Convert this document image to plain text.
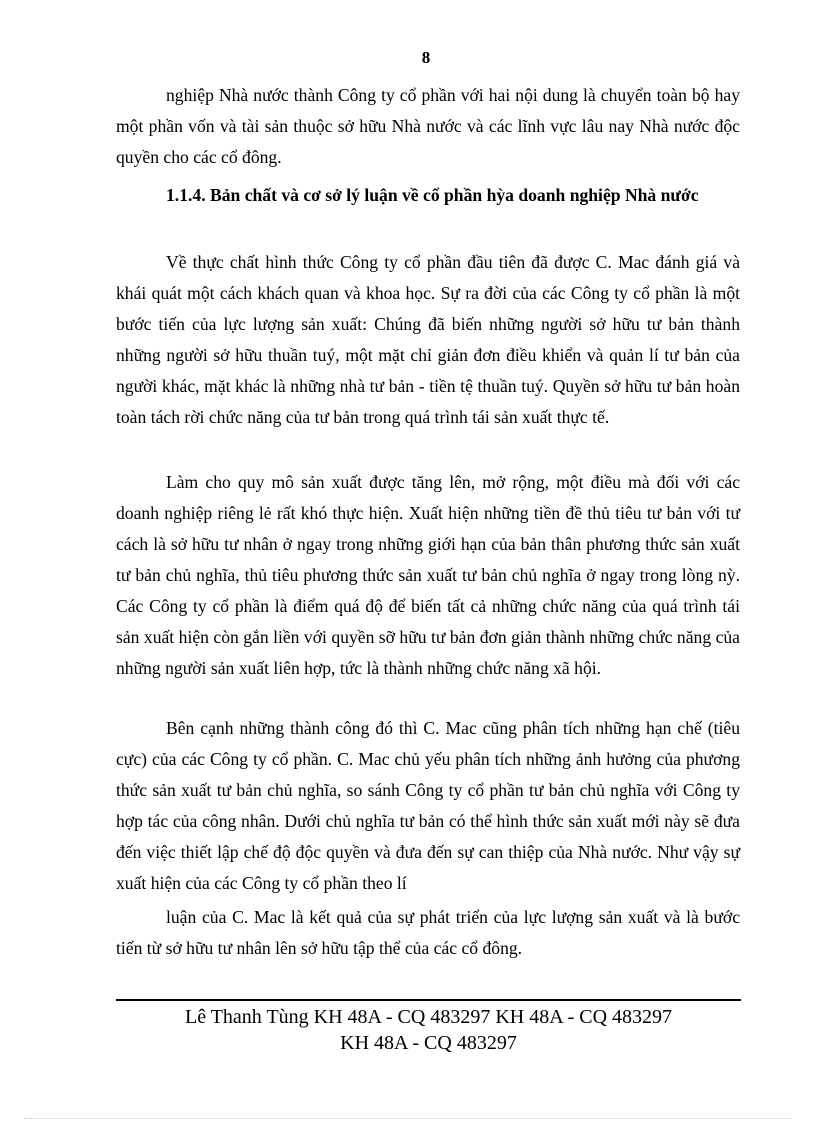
8

nghiệp Nhà nước thành Công ty cổ phần với hai nội dung là chuyển toàn bộ hay một phần vốn và tài sản thuộc sở hữu Nhà nước và các lĩnh vực lâu nay Nhà nước độc quyền cho các cổ đông.

1.1.4. Bản chất và cơ sở lý luận về cổ phần hỳa doanh nghiệp Nhà nước

Về thực chất hình thức Công ty cổ phần đầu tiên đã được C. Mac đánh giá và khái quát một cách khách quan và khoa học. Sự ra đời của các Công ty cổ phần là một bước tiến của lực lượng sản xuất: Chúng đã biến những người sở hữu tư bản thành những người sở hữu thuần tuý, một mặt chỉ giản đơn điều khiển và quản lí tư bản của người khác, mặt khác là những nhà tư bản - tiền tệ thuần tuý. Quyền sở hữu tư bản hoàn toàn tách rời chức năng của tư bản trong quá trình tái sản xuất thực tế.

Làm cho quy mô sản xuất được tăng lên, mở rộng, một điều mà đối với các doanh nghiệp riêng lẻ rất khó thực hiện. Xuất hiện những tiền đề thủ tiêu tư bản với tư cách là sở hữu tư nhân ở ngay trong những giới hạn của bản thân phương thức sản xuất tư bản chủ nghĩa, thủ tiêu phương thức sản xuất tư bản chủ nghĩa ở ngay trong lòng nỳ. Các Công ty cổ phần là điểm quá độ để biến tất cả những chức năng của quá trình tái sản xuất hiện còn gắn liền với quyền sỡ hữu tư bản đơn giản thành những chức năng của những người sản xuất liên hợp, tức là thành những chức năng xã hội.

Bên cạnh những thành công đó thì C. Mac cũng phân tích những hạn chế (tiêu cực) của các Công ty cổ phần. C. Mac chủ yếu phân tích những ảnh hưởng của phương thức sản xuất tư bản chủ nghĩa, so sánh Công ty cổ phần tư bản chủ nghĩa với Công ty hợp tác của công nhân. Dưới chủ nghĩa tư bản có thể hình thức sản xuất mới này sẽ đưa đến việc thiết lập chế độ độc quyền và đưa đến sự can thiệp của Nhà nước. Như vậy sự xuất hiện của các Công ty cổ phần theo lí

luận của C. Mac là kết quả của sự phát triển của lực lượng sản xuất và là bước tiến từ sở hữu tư nhân lên sở hữu tập thể của các cổ đông.

Lê Thanh Tùng KH 48A - CQ 483297 KH 48A - CQ 483297
KH 48A - CQ 483297
